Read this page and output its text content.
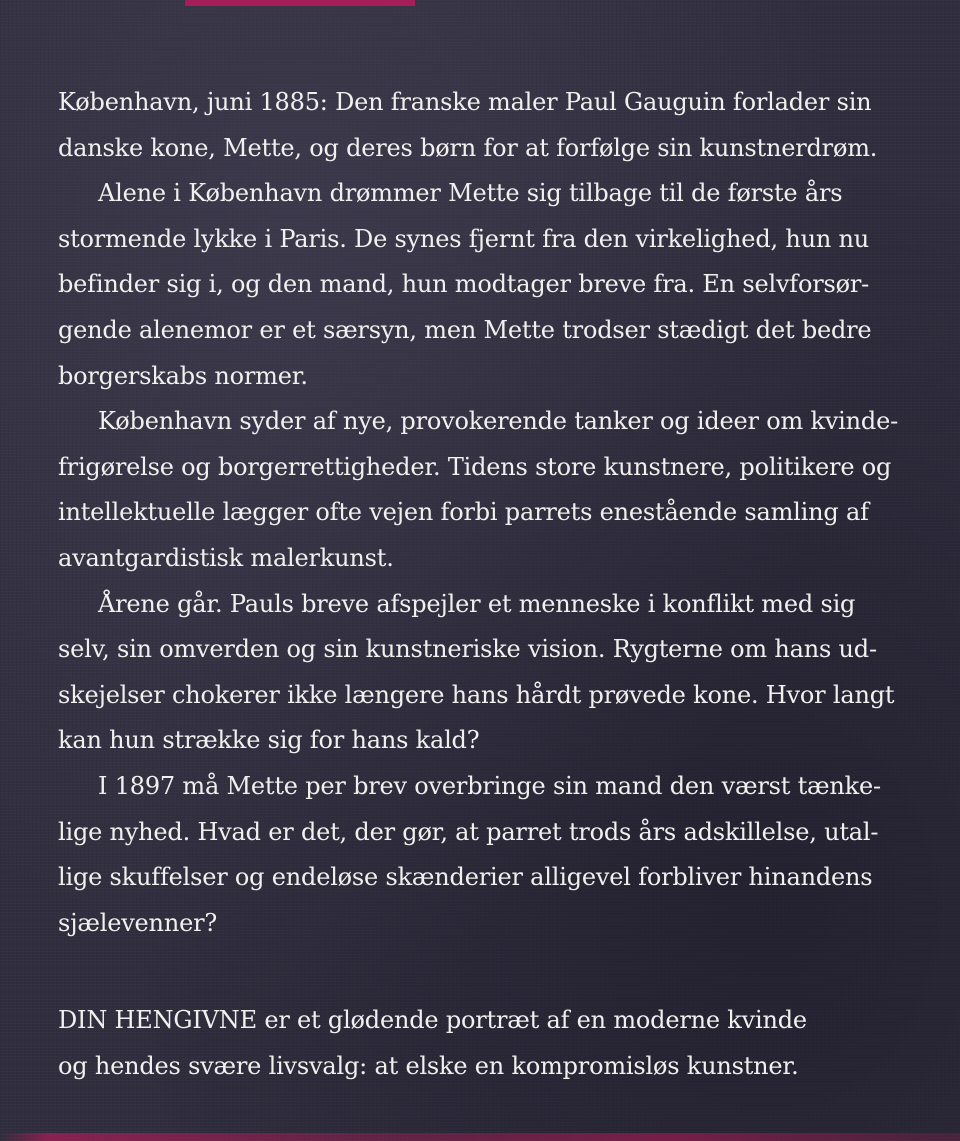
København, juni 1885: Den franske maler Paul Gauguin forlader sin

danske kone, Mette, og deres børn for at forfølge sin kunstnerdrøm.

Alene i København drømmer Mette sig tilbage til de første års

stormende lykke i Paris. De synes fjernt fra den virkelighed, hun nu

befinder sig i, og den mand, hun modtager breve fra. En selvforsør-

gende alenemor er et særsyn, men Mette trodser stædigt det bedre

borgerskabs normer.

København syder af nye, provokerende tanker og ideer om kvinde-

frigørelse og borgerrettigheder. Tidens store kunstnere, politikere og

intellektuelle lægger ofte vejen forbi parrets enestående samling af

avantgardistisk malerkunst.

Årene går. Pauls breve afspejler et menneske i konflikt med sig

selv, sin omverden og sin kunstneriske vision. Rygterne om hans ud-

skejelser chokerer ikke længere hans hårdt prøvede kone. Hvor langt

kan hun strække sig for hans kald?

I 1897 må Mette per brev overbringe sin mand den værst tænke-

lige nyhed. Hvad er det, der gør, at parret trods års adskillelse, utal-

lige skuffelser og endeløse skænderier alligevel forbliver hinandens

sjælevenner?

DIN HENGIVNE er et glødende portræt af en moderne kvinde

og hendes svære livsvalg: at elske en kompromisløs kunstner.
